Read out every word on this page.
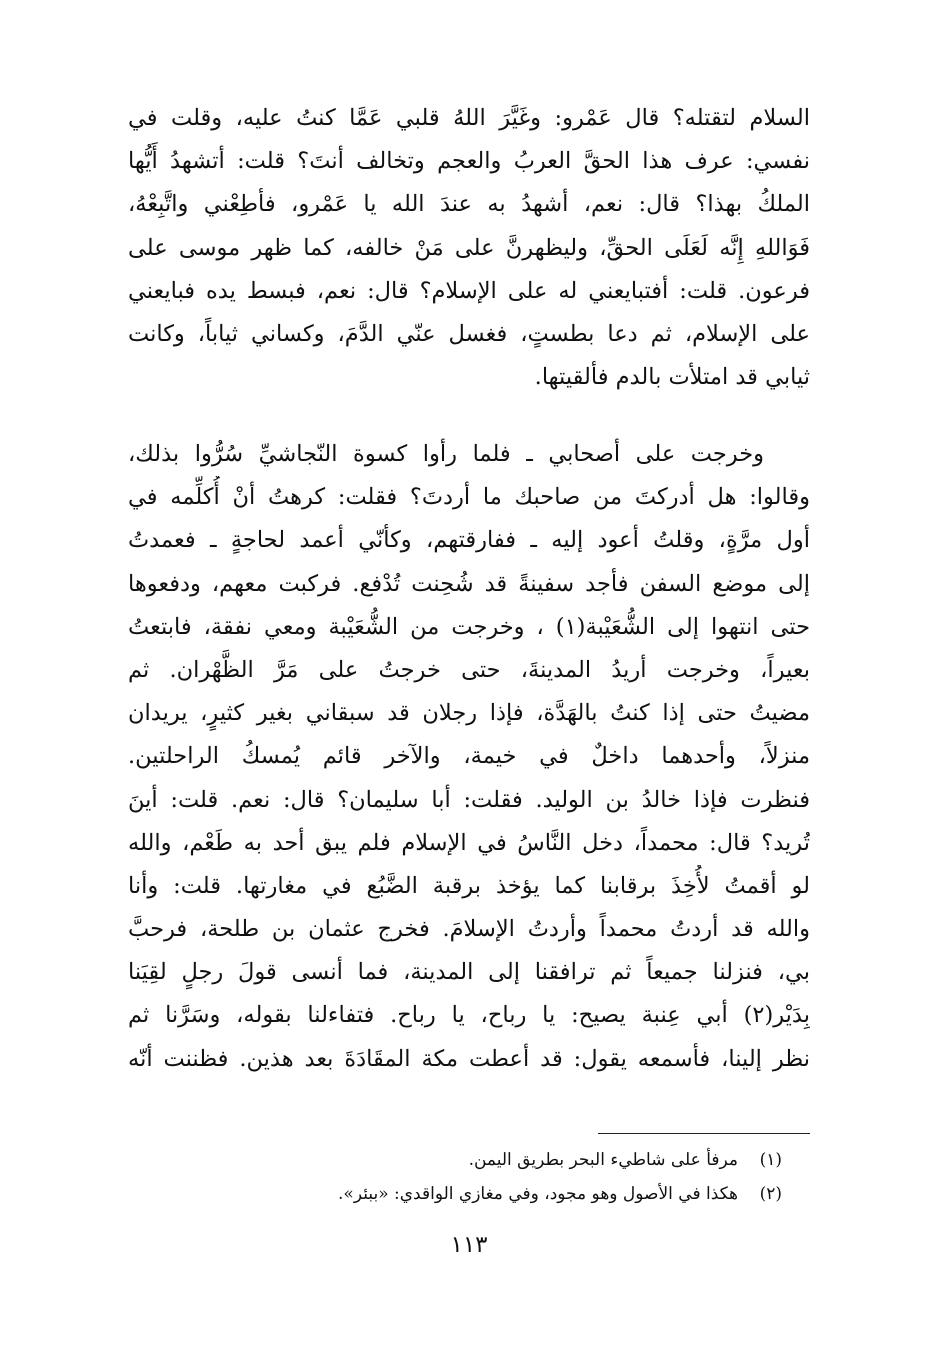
السلام لتقتله؟ قال عَمْرو: وغَيَّرَ اللهُ قلبي عَمَّا كنتُ عليه، وقلت في
نفسي: عرف هذا الحقَّ العربُ والعجم وتخالف أنتَ؟ قلت: أتشهدُ أَيُّها
الملكُ بهذا؟ قال: نعم، أشهدُ به عندَ الله يا عَمْرو، فأطِعْني واتَّبِعْهُ،
فَوَاللهِ إِنَّه لَعَلَى الحقِّ، وليظهرنَّ على مَنْ خالفه، كما ظهر موسى على
فرعون. قلت: أفتبايعني له على الإسلام؟ قال: نعم، فبسط يده فبايعني
على الإسلام، ثم دعا بطستٍ، فغسل عنّي الدَّمَ، وكساني ثياباً، وكانت
ثيابي قد امتلأت بالدم فألقيتها.
وخرجت على أصحابي ـ فلما رأوا كسوة النّجاشيِّ سُرُّوا بذلك،
وقالوا: هل أدركتَ من صاحبك ما أردتَ؟ فقلت: كرهتُ أنْ أُكلِّمه في
أول مرَّةٍ، وقلتُ أعود إليه ـ ففارقتهم، وكأنّي أعمد لحاجةٍ ـ فعمدتُ
إلى موضع السفن فأجد سفينةً قد شُحِنت تُدْفع. فركبت معهم، ودفعوها
حتى انتهوا إلى الشُّعَيْبة(١) ، وخرجت من الشُّعَيْبة ومعي نفقة، فابتعتُ
بعيراً، وخرجت أريدُ المدينةَ، حتى خرجتُ على مَرَّ الظَّهْران. ثم
مضيتُ حتى إذا كنتُ بالهَدَّة، فإذا رجلان قد سبقاني بغير كثيرٍ، يريدان
منزلاً، وأحدهما داخلٌ في خيمة، والآخر قائم يُمسكُ الراحلتين.
فنظرت فإذا خالدُ بن الوليد. فقلت: أبا سليمان؟ قال: نعم. قلت: أينَ
تُريد؟ قال: محمداً، دخل النَّاسُ في الإسلام فلم يبق أحد به طَعْم، والله
لو أقمتُ لأُخِذَ برقابنا كما يؤخذ برقبة الضَّبُع في مغارتها. قلت: وأنا
والله قد أردتُ محمداً وأردتُ الإسلامَ. فخرج عثمان بن طلحة، فرحبَّ
بي، فنزلنا جميعاً ثم ترافقنا إلى المدينة، فما أنسى قولَ رجلٍ لقِيَنا
بِدَيْر(٢) أبي عِنبة يصيح: يا رباح، يا رباح. فتفاءلنا بقوله، وسَرَّنا ثم
نظر إلينا، فأسمعه يقول: قد أعطت مكة المقَادَةَ بعد هذين. فظننت أنّه
(١)
مرفأ على شاطيء البحر بطريق اليمن.
(٢)
هكذا في الأصول وهو مجود، وفي مغازي الواقدي: «ببئر».
١١٣
